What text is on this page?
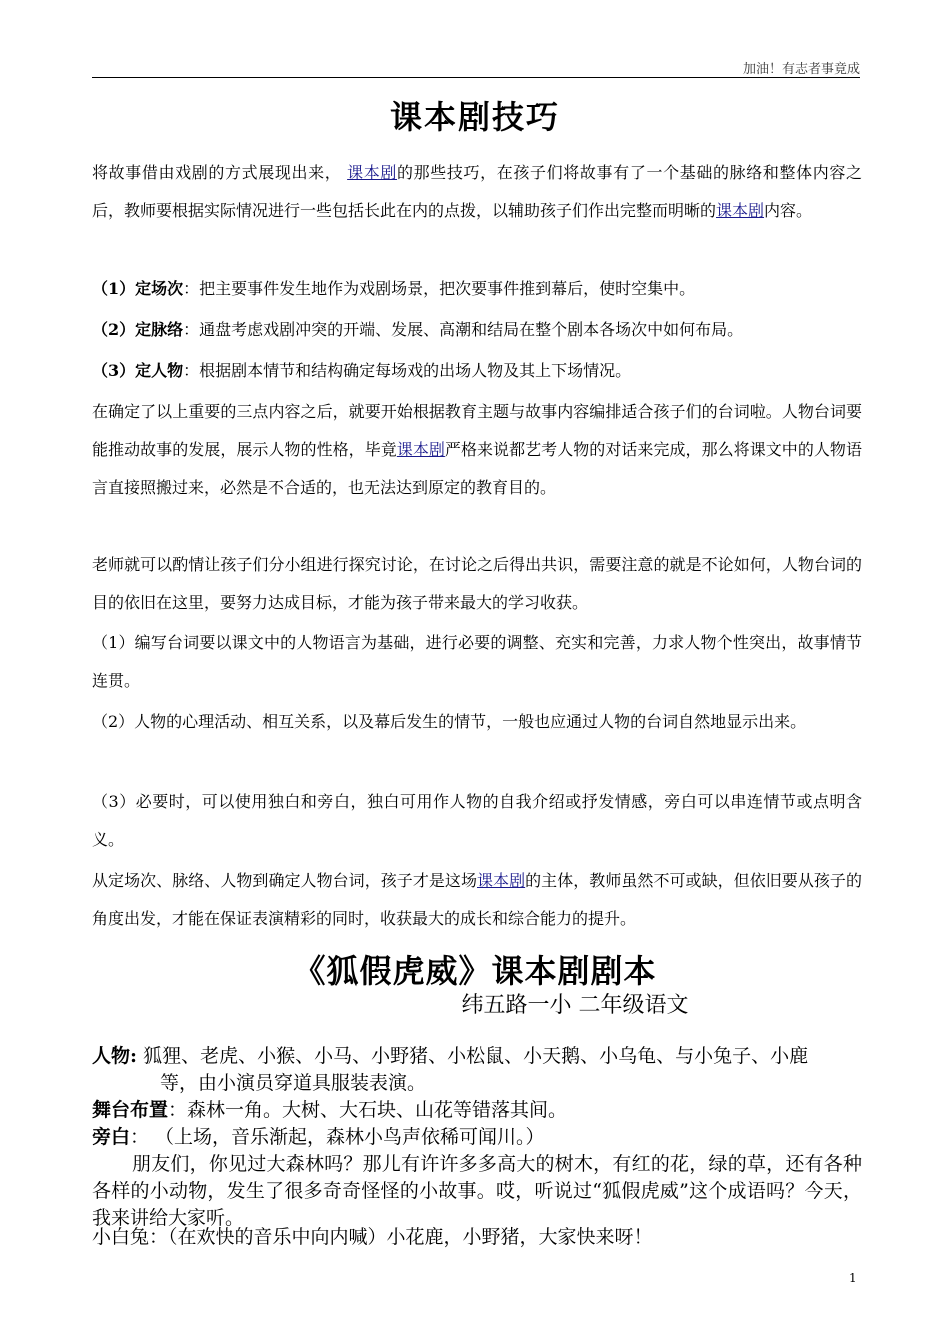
加油！有志者事竟成
课本剧技巧

将故事借由戏剧的方式展现出来， 课本剧的那些技巧，在孩子们将故事有了一个基础的脉络和整体内容之后，教师要根据实际情况进行一些包括长此在内的点拨，以辅助孩子们作出完整而明晰的课本剧内容。

（1）定场次：把主要事件发生地作为戏剧场景，把次要事件推到幕后，使时空集中。

（2）定脉络：通盘考虑戏剧冲突的开端、发展、高潮和结局在整个剧本各场次中如何布局。

（3）定人物：根据剧本情节和结构确定每场戏的出场人物及其上下场情况。

在确定了以上重要的三点内容之后，就要开始根据教育主题与故事内容编排适合孩子们的台词啦。人物台词要能推动故事的发展，展示人物的性格，毕竟课本剧严格来说都艺考人物的对话来完成，那么将课文中的人物语言直接照搬过来，必然是不合适的，也无法达到原定的教育目的。

老师就可以酌情让孩子们分小组进行探究讨论，在讨论之后得出共识，需要注意的就是不论如何，人物台词的目的依旧在这里，要努力达成目标，才能为孩子带来最大的学习收获。

（1）编写台词要以课文中的人物语言为基础，进行必要的调整、充实和完善，力求人物个性突出，故事情节连贯。

（2）人物的心理活动、相互关系，以及幕后发生的情节，一般也应通过人物的台词自然地显示出来。

（3）必要时，可以使用独白和旁白，独白可用作人物的自我介绍或抒发情感，旁白可以串连情节或点明含义。

从定场次、脉络、人物到确定人物台词，孩子才是这场课本剧的主体，教师虽然不可或缺，但依旧要从孩子的角度出发，才能在保证表演精彩的同时，收获最大的成长和综合能力的提升。

《狐假虎威》课本剧剧本
纬五路一小 二年级语文

人物: 狐狸、老虎、小猴、小马、小野猪、小松鼠、小天鹅、小乌龟、与小兔子、小鹿

等，由小演员穿道具服装表演。

舞台布置：森林一角。大树、大石块、山花等错落其间。

旁白： （上场，音乐渐起，森林小鸟声依稀可闻川。）

朋友们，你见过大森林吗？那儿有许许多多高大的树木，有红的花，绿的草，还有各种各样的小动物，发生了很多奇奇怪怪的小故事。哎，听说过“狐假虎威”这个成语吗？今天，我来讲给大家听。

小白兔：（在欢快的音乐中向内喊）小花鹿，小野猪，大家快来呀！

1
